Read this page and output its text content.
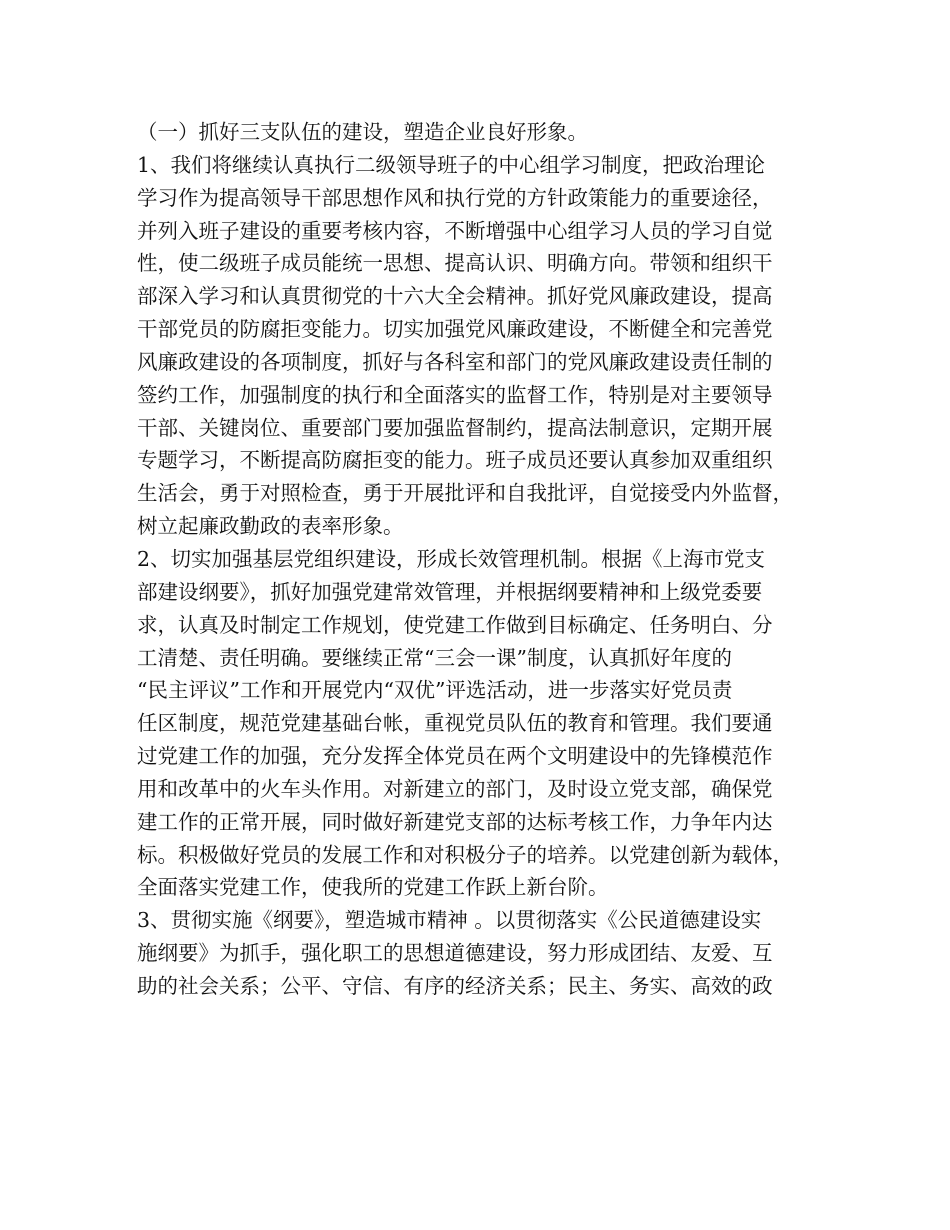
（一）抓好三支队伍的建设，塑造企业良好形象。
1、我们将继续认真执行二级领导班子的中心组学习制度，把政治理论
学习作为提高领导干部思想作风和执行党的方针政策能力的重要途径，
并列入班子建设的重要考核内容，不断增强中心组学习人员的学习自觉
性，使二级班子成员能统一思想、提高认识、明确方向。带领和组织干
部深入学习和认真贯彻党的十六大全会精神。抓好党风廉政建设，提高
干部党员的防腐拒变能力。切实加强党风廉政建设，不断健全和完善党
风廉政建设的各项制度，抓好与各科室和部门的党风廉政建设责任制的
签约工作，加强制度的执行和全面落实的监督工作，特别是对主要领导
干部、关键岗位、重要部门要加强监督制约，提高法制意识，定期开展
专题学习，不断提高防腐拒变的能力。班子成员还要认真参加双重组织
生活会，勇于对照检查，勇于开展批评和自我批评，自觉接受内外监督，
树立起廉政勤政的表率形象。
2、切实加强基层党组织建设，形成长效管理机制。根据《上海市党支
部建设纲要》，抓好加强党建常效管理，并根据纲要精神和上级党委要
求，认真及时制定工作规划，使党建工作做到目标确定、任务明白、分
工清楚、责任明确。要继续正常“三会一课”制度，认真抓好年度的
“民主评议”工作和开展党内“双优”评选活动，进一步落实好党员责
任区制度，规范党建基础台帐，重视党员队伍的教育和管理。我们要通
过党建工作的加强，充分发挥全体党员在两个文明建设中的先锋模范作
用和改革中的火车头作用。对新建立的部门，及时设立党支部，确保党
建工作的正常开展，同时做好新建党支部的达标考核工作，力争年内达
标。积极做好党员的发展工作和对积极分子的培养。以党建创新为载体，
全面落实党建工作，使我所的党建工作跃上新台阶。
3、贯彻实施《纲要》，塑造城市精神 。以贯彻落实《公民道德建设实
施纲要》为抓手，强化职工的思想道德建设，努力形成团结、友爱、互
助的社会关系；公平、守信、有序的经济关系；民主、务实、高效的政
